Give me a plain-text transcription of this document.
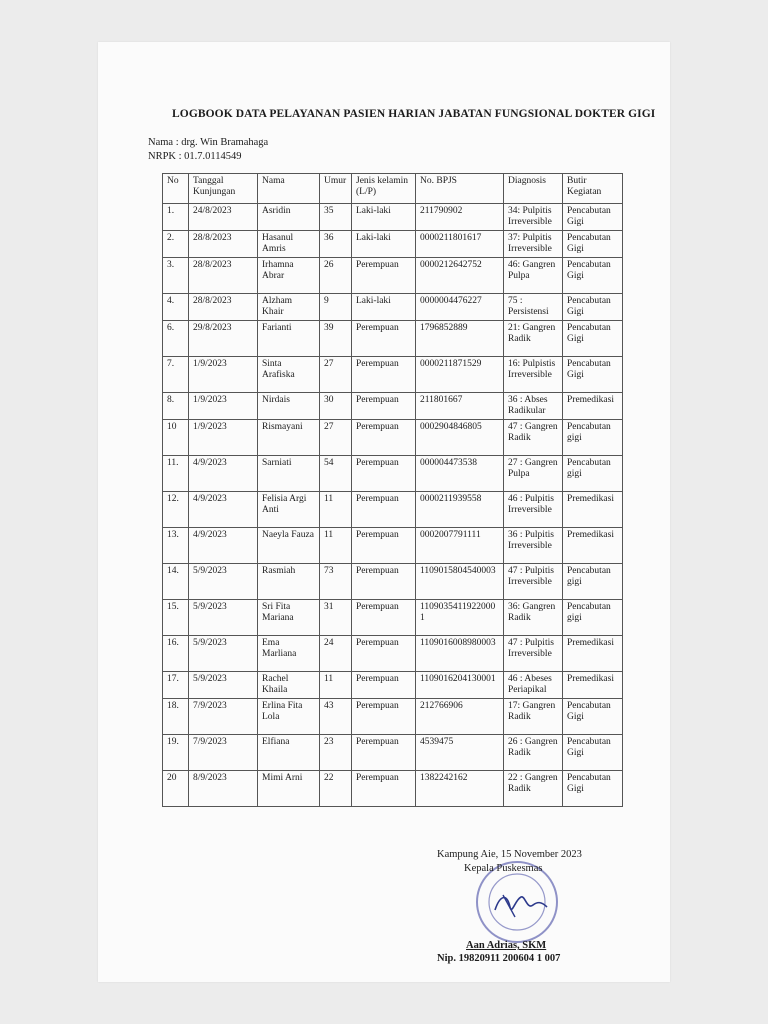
LOGBOOK DATA PELAYANAN PASIEN HARIAN JABATAN FUNGSIONAL DOKTER GIGI
Nama : drg. Win Bramahaga
NRPK : 01.7.0114549
No	Tanggal Kunjungan	Nama	Umur	Jenis kelamin (L/P)	No. BPJS	Diagnosis	Butir Kegiatan
1.	24/8/2023	Asridin	35	Laki-laki	211790902	34: Pulpitis Irreversible	Pencabutan Gigi
2.	28/8/2023	Hasanul Amris	36	Laki-laki	0000211801617	37: Pulpitis Irreversible	Pencabutan Gigi
3.	28/8/2023	Irhamna Abrar	26	Perempuan	0000212642752	46: Gangren Pulpa	Pencabutan Gigi
4.	28/8/2023	Alzham Khair	9	Laki-laki	0000004476227	75 : Persistensi	Pencabutan Gigi
6.	29/8/2023	Farianti	39	Perempuan	1796852889	21: Gangren Radik	Pencabutan Gigi
7.	1/9/2023	Sinta Arafiska	27	Perempuan	0000211871529	16: Pulpistis Irreversible	Pencabutan Gigi
8.	1/9/2023	Nirdais	30	Perempuan	211801667	36 : Abses Radikular	Premedikasi
10	1/9/2023	Rismayani	27	Perempuan	0002904846805	47 : Gangren Radik	Pencabutan gigi
11.	4/9/2023	Sarniati	54	Perempuan	000004473538	27 : Gangren Pulpa	Pencabutan gigi
12.	4/9/2023	Felisia Argi Anti	11	Perempuan	0000211939558	46 : Pulpitis Irreversible	Premedikasi
13.	4/9/2023	Naeyla Fauza	11	Perempuan	0002007791111	36 : Pulpitis Irreversible	Premedikasi
14.	5/9/2023	Rasmiah	73	Perempuan	1109015804540003	47 : Pulpitis Irreversible	Pencabutan gigi
15.	5/9/2023	Sri Fita Mariana	31	Perempuan	11090354119220001	36: Gangren Radik	Pencabutan gigi
16.	5/9/2023	Ema Marliana	24	Perempuan	1109016008980003	47 : Pulpitis Irreversible	Premedikasi
17.	5/9/2023	Rachel Khaila	11	Perempuan	1109016204130001	46 : Abeses Periapikal	Premedikasi
18.	7/9/2023	Erlina Fita Lola	43	Perempuan	212766906	17: Gangren Radik	Pencabutan Gigi
19.	7/9/2023	Elfiana	23	Perempuan	4539475	26 : Gangren Radik	Pencabutan Gigi
20	8/9/2023	Mimi Arni	22	Perempuan	1382242162	22 : Gangren Radik	Pencabutan Gigi
Kampung Aie, 15 November 2023
Kepala Puskesmas
Aan Adrias, SKM
Nip. 19820911 200604 1 007
